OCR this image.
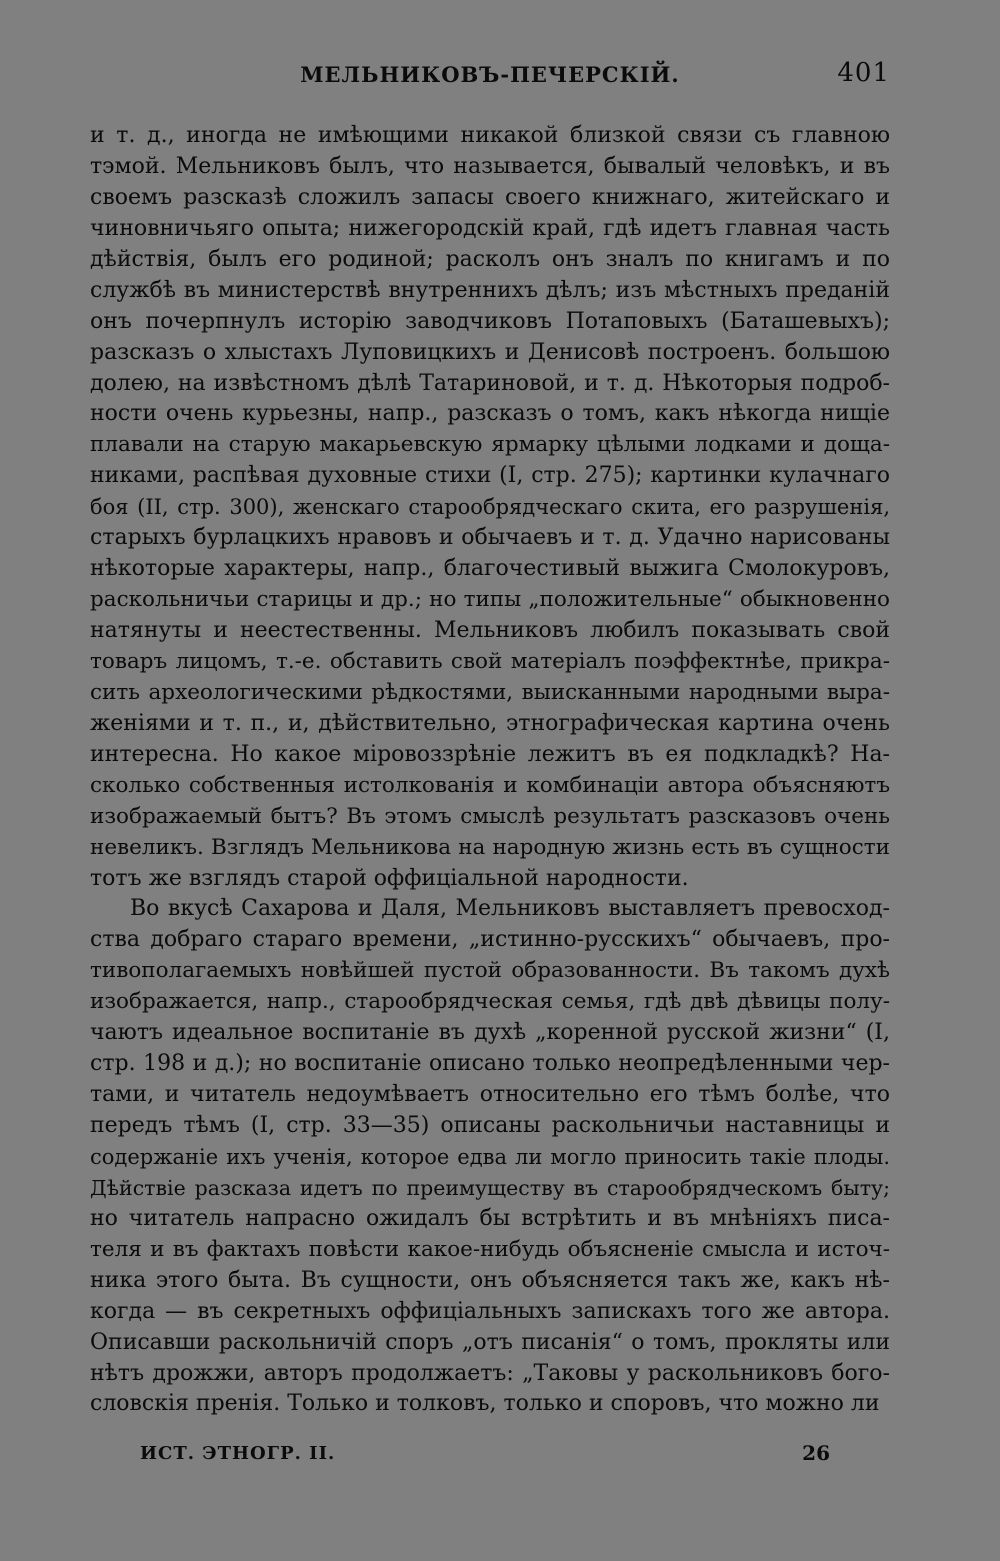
МЕЛЬНИКОВЪ-ПЕЧЕРСКІЙ.	401
и т. д., иногда не имѣющими никакой близкой связи съ главною
тэмой. Мельниковъ былъ, что называется, бывалый человѣкъ, и въ
своемъ разсказѣ сложилъ запасы своего книжнаго, житейскаго и
чиновничьяго опыта; нижегородскій край, гдѣ идетъ главная часть
дѣйствія, былъ его родиной; расколъ онъ зналъ по книгамъ и по
службѣ въ министерствѣ внутреннихъ дѣлъ; изъ мѣстныхъ преданій
онъ почерпнулъ исторію заводчиковъ Потаповыхъ (Баташевыхъ);
разсказъ о хлыстахъ Луповицкихъ и Денисовѣ построенъ. большою
долею, на извѣстномъ дѣлѣ Татариновой, и т. д. Нѣкоторыя подроб-
ности очень курьезны, напр., разсказъ о томъ, какъ нѣкогда нищіе
плавали на старую макарьевскую ярмарку цѣлыми лодками и доща-
никами, распѣвая духовные стихи (I, стр. 275); картинки кулачнаго
боя (II, стр. 300), женскаго старообрядческаго скита, его разрушенія,
старыхъ бурлацкихъ нравовъ и обычаевъ и т. д. Удачно нарисованы
нѣкоторые характеры, напр., благочестивый выжига Смолокуровъ,
раскольничьи старицы и др.; но типы „положительные“ обыкновенно
натянуты и неестественны. Мельниковъ любилъ показывать свой
товаръ лицомъ, т.-е. обставить свой матеріалъ поэффектнѣе, прикра-
сить археологическими рѣдкостями, выисканными народными выра-
женіями и т. п., и, дѣйствительно, этнографическая картина очень
интересна. Но какое міровоззрѣніе лежитъ въ ея подкладкѣ? На-
сколько собственныя истолкованія и комбинаціи автора объясняютъ
изображаемый бытъ? Въ этомъ смыслѣ результатъ разсказовъ очень
невеликъ. Взглядъ Мельникова на народную жизнь есть въ сущности
тотъ же взглядъ старой оффиціальной народности.
Во вкусѣ Сахарова и Даля, Мельниковъ выставляетъ превосход-
ства добраго стараго времени, „истинно-русскихъ“ обычаевъ, про-
тивополагаемыхъ новѣйшей пустой образованности. Въ такомъ духѣ
изображается, напр., старообрядческая семья, гдѣ двѣ дѣвицы полу-
чаютъ идеальное воспитаніе въ духѣ „коренной русской жизни“ (I,
стр. 198 и д.); но воспитаніе описано только неопредѣленными чер-
тами, и читатель недоумѣваетъ относительно его тѣмъ болѣе, что
передъ тѣмъ (I, стр. 33—35) описаны раскольничьи наставницы и
содержаніе ихъ ученія, которое едва ли могло приносить такіе плоды.
Дѣйствіе разсказа идетъ по преимуществу въ старообрядческомъ быту;
но читатель напрасно ожидалъ бы встрѣтить и въ мнѣніяхъ писа-
теля и въ фактахъ повѣсти какое-нибудь объясненіе смысла и источ-
ника этого быта. Въ сущности, онъ объясняется такъ же, какъ нѣ-
когда — въ секретныхъ оффиціальныхъ запискахъ того же автора.
Описавши раскольничій споръ „отъ писанія“ о томъ, прокляты или
нѣтъ дрожжи, авторъ продолжаетъ: „Таковы у раскольниковъ бого-
словскія пренія. Только и толковъ, только и споровъ, что можно ли
ИСТ. ЭТНОГР. II.	26
